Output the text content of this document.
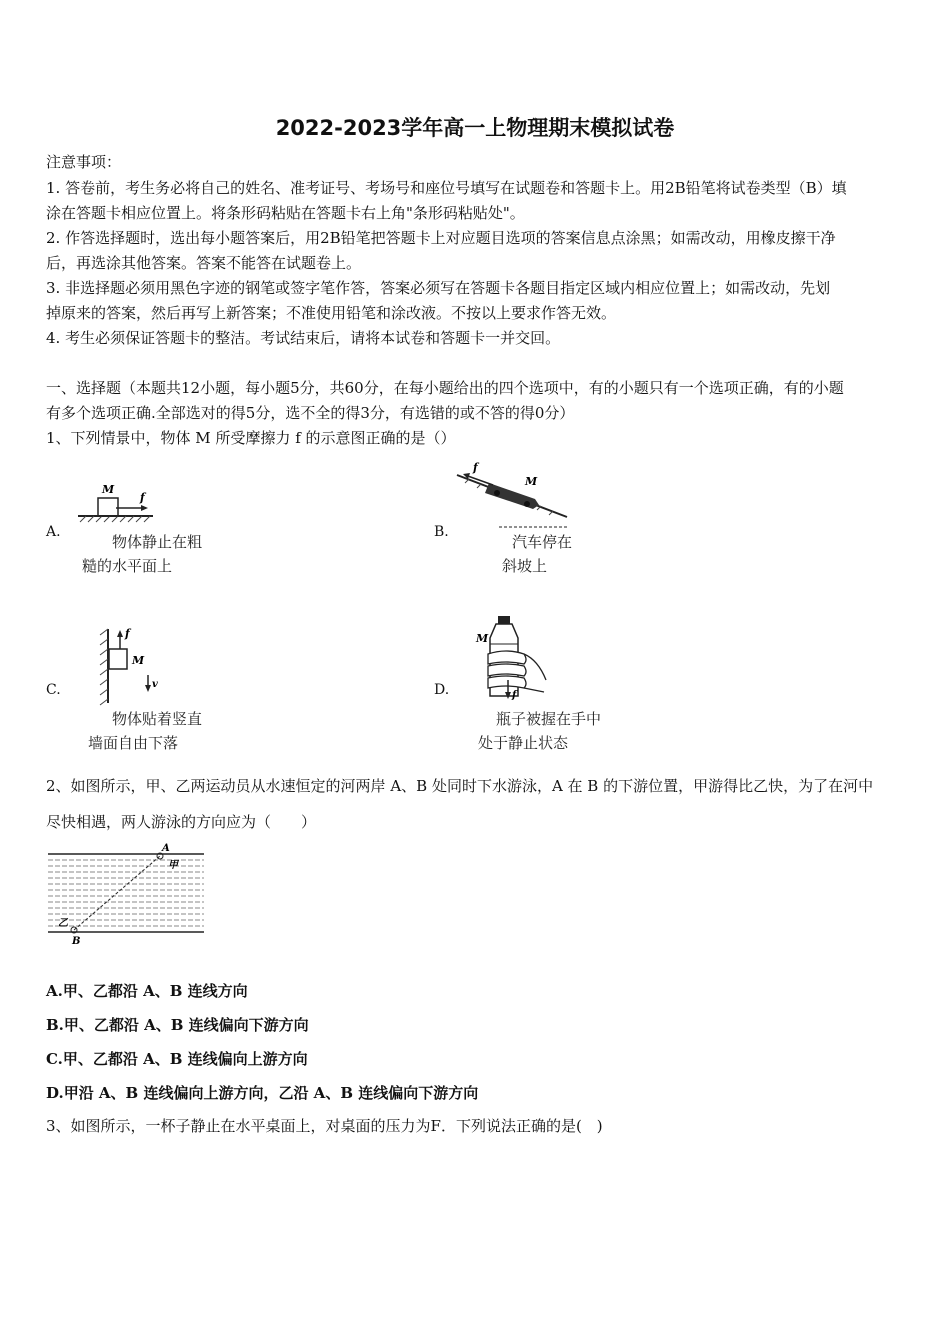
2022-2023学年高一上物理期末模拟试卷
注意事项：
1. 答卷前，考生务必将自己的姓名、准考证号、考场号和座位号填写在试题卷和答题卡上。用2B铅笔将试卷类型（B）填
涂在答题卡相应位置上。将条形码粘贴在答题卡右上角"条形码粘贴处"。
2. 作答选择题时，选出每小题答案后，用2B铅笔把答题卡上对应题目选项的答案信息点涂黑；如需改动，用橡皮擦干净
后，再选涂其他答案。答案不能答在试题卷上。
3. 非选择题必须用黑色字迹的钢笔或签字笔作答，答案必须写在答题卡各题目指定区域内相应位置上；如需改动，先划
掉原来的答案，然后再写上新答案；不准使用铅笔和涂改液。不按以上要求作答无效。
4. 考生必须保证答题卡的整洁。考试结束后，请将本试卷和答题卡一并交回。
一、选择题（本题共12小题，每小题5分，共60分，在每小题给出的四个选项中，有的小题只有一个选项正确，有的小题
有多个选项正确.全部选对的得5分，选不全的得3分，有选错的或不答的得0分）
1、下列情景中，物体 M 所受摩擦力 f 的示意图正确的是（）
A.
M
f
物体静止在粗
糙的水平面上
B.
f
M
汽车停在
斜坡上
C.
f
M
v
物体贴着竖直
墙面自由下落
D.
M
f
瓶子被握在手中
处于静止状态
2、如图所示，甲、乙两运动员从水速恒定的河两岸 A、B 处同时下水游泳，A 在 B 的下游位置，甲游得比乙快，为了在河中
尽快相遇，两人游泳的方向应为（　　）
A
B
甲
乙
A.甲、乙都沿 A、B 连线方向
B.甲、乙都沿 A、B 连线偏向下游方向
C.甲、乙都沿 A、B 连线偏向上游方向
D.甲沿 A、B 连线偏向上游方向，乙沿 A、B 连线偏向下游方向
3、如图所示，一杯子静止在水平桌面上，对桌面的压力为F．下列说法正确的是(　)
